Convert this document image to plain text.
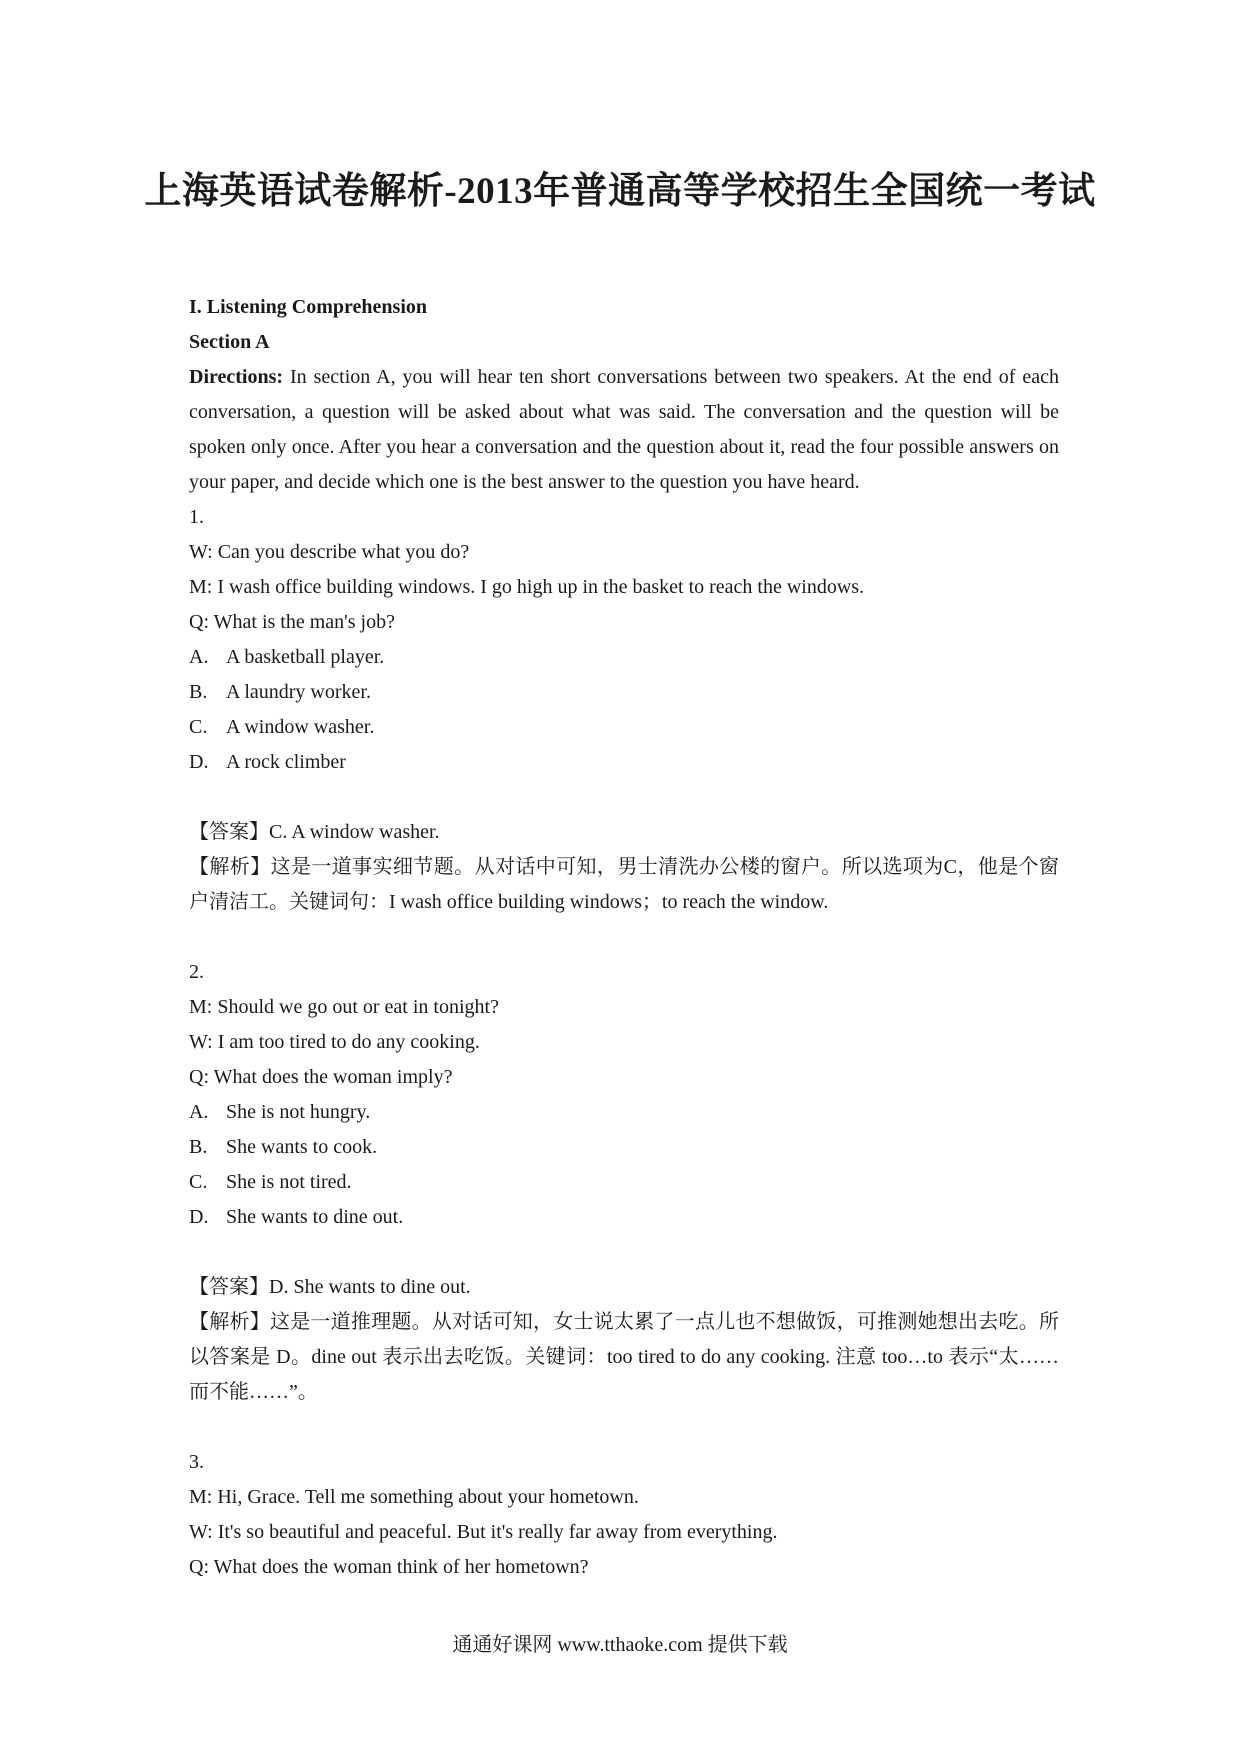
上海英语试卷解析-2013年普通高等学校招生全国统一考试

I. Listening Comprehension

Section A

Directions: In section A, you will hear ten short conversations between two speakers. At the end of each conversation, a question will be asked about what was said. The conversation and the question will be spoken only once. After you hear a conversation and the question about it, read the four possible answers on your paper, and decide which one is the best answer to the question you have heard.

1.

W: Can you describe what you do?

M: I wash office building windows. I go high up in the basket to reach the windows.

Q: What is the man's job?

A. A basketball player.

B. A laundry worker.

C. A window washer.

D. A rock climber

【答案】C. A window washer.

【解析】这是一道事实细节题。从对话中可知，男士清洗办公楼的窗户。所以选项为C，他是个窗户清洁工。关键词句：I wash office building windows；to reach the window.

2.

M: Should we go out or eat in tonight?

W: I am too tired to do any cooking.

Q: What does the woman imply?

A. She is not hungry.

B. She wants to cook.

C. She is not tired.

D. She wants to dine out.

【答案】D. She wants to dine out.

【解析】这是一道推理题。从对话可知，女士说太累了一点儿也不想做饭，可推测她想出去吃。所以答案是 D。dine out 表示出去吃饭。关键词：too tired to do any cooking. 注意 too…to 表示“太……而不能……”。

3.

M: Hi, Grace. Tell me something about your hometown.

W: It's so beautiful and peaceful. But it's really far away from everything.

Q: What does the woman think of her hometown?

通通好课网 www.tthaoke.com 提供下载
